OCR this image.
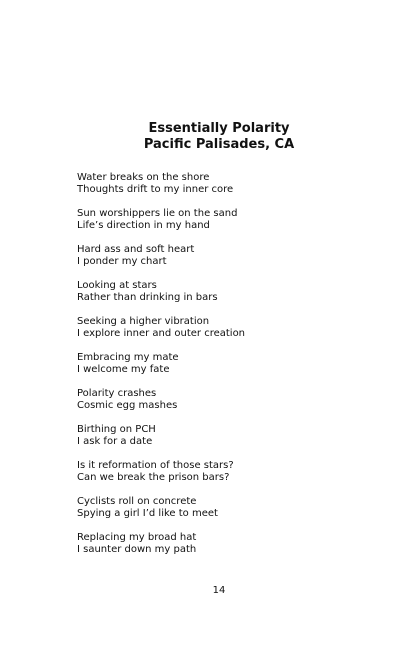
Essentially Polarity
Pacific Palisades, CA
Water breaks on the shore
Thoughts drift to my inner core
Sun worshippers lie on the sand
Life’s direction in my hand
Hard ass and soft heart
I ponder my chart
Looking at stars
Rather than drinking in bars
Seeking a higher vibration
I explore inner and outer creation
Embracing my mate
I welcome my fate
Polarity crashes
Cosmic egg mashes
Birthing on PCH
I ask for a date
Is it reformation of those stars?
Can we break the prison bars?
Cyclists roll on concrete
Spying a girl I’d like to meet
Replacing my broad hat
I saunter down my path
14
